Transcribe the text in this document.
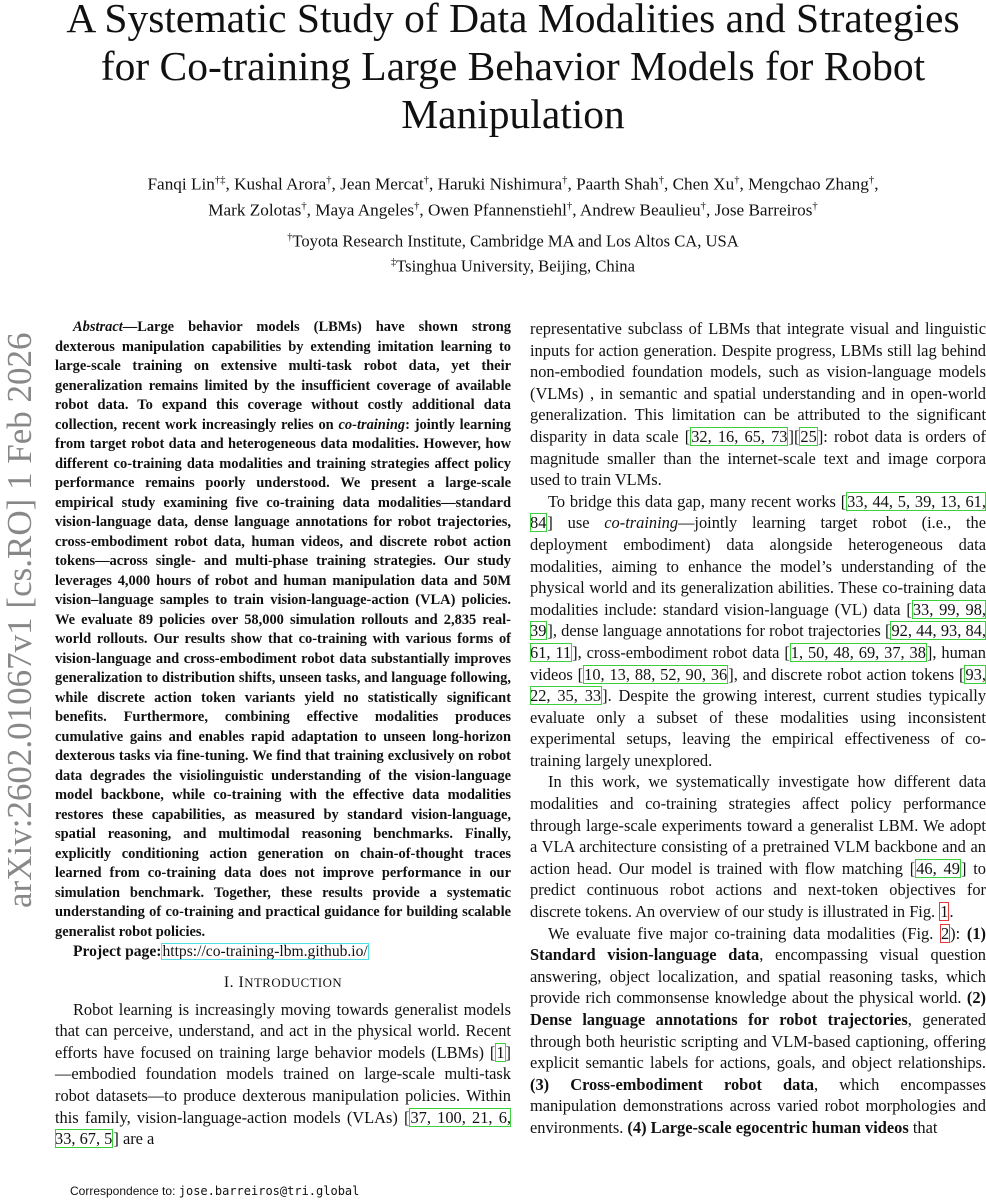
A Systematic Study of Data Modalities and Strategies for Co-training Large Behavior Models for Robot Manipulation
Fanqi Lin†‡, Kushal Arora†, Jean Mercat†, Haruki Nishimura†, Paarth Shah†, Chen Xu†, Mengchao Zhang†,
Mark Zolotas†, Maya Angeles†, Owen Pfannenstiehl†, Andrew Beaulieu†, Jose Barreiros†
†Toyota Research Institute, Cambridge MA and Los Altos CA, USA
‡Tsinghua University, Beijing, China
arXiv:2602.01067v1 [cs.RO] 1 Feb 2026

Abstract—Large behavior models (LBMs) have shown strong dexterous manipulation capabilities by extending imitation learning to large-scale training on extensive multi-task robot data, yet their generalization remains limited by the insufficient coverage of available robot data. To expand this coverage without costly additional data collection, recent work increasingly relies on co-training: jointly learning from target robot data and heterogeneous data modalities. However, how different co-training data modalities and training strategies affect policy performance remains poorly understood. We present a large-scale empirical study examining five co-training data modalities—standard vision-language data, dense language annotations for robot trajectories, cross-embodiment robot data, human videos, and discrete robot action tokens—across single- and multi-phase training strategies. Our study leverages 4,000 hours of robot and human manipulation data and 50M vision–language samples to train vision-language-action (VLA) policies. We evaluate 89 policies over 58,000 simulation rollouts and 2,835 real-world rollouts. Our results show that co-training with various forms of vision-language and cross-embodiment robot data substantially improves generalization to distribution shifts, unseen tasks, and language following, while discrete action token variants yield no statistically significant benefits. Furthermore, combining effective modalities produces cumulative gains and enables rapid adaptation to unseen long-horizon dexterous tasks via fine-tuning. We find that training exclusively on robot data degrades the visiolinguistic understanding of the vision-language model backbone, while co-training with the effective data modalities restores these capabilities, as measured by standard vision-language, spatial reasoning, and multimodal reasoning benchmarks. Finally, explicitly conditioning action generation on chain-of-thought traces learned from co-training data does not improve performance in our simulation benchmark. Together, these results provide a systematic understanding of co-training and practical guidance for building scalable generalist robot policies.

Project page:https://co-training-lbm.github.io/

I. INTRODUCTION

Robot learning is increasingly moving towards generalist models that can perceive, understand, and act in the physical world. Recent efforts have focused on training large behavior models (LBMs) [1]—embodied foundation models trained on large-scale multi-task robot datasets—to produce dexterous manipulation policies. Within this family, vision-language-action models (VLAs) [37, 100, 21, 6, 33, 67, 5] are a

representative subclass of LBMs that integrate visual and linguistic inputs for action generation. Despite progress, LBMs still lag behind non-embodied foundation models, such as vision-language models (VLMs) , in semantic and spatial understanding and in open-world generalization. This limitation can be attributed to the significant disparity in data scale [32, 16, 65, 73][25]: robot data is orders of magnitude smaller than the internet-scale text and image corpora used to train VLMs.

To bridge this data gap, many recent works [33, 44, 5, 39, 13, 61, 84] use co-training—jointly learning target robot (i.e., the deployment embodiment) data alongside heterogeneous data modalities, aiming to enhance the model’s understanding of the physical world and its generalization abilities. These co-training data modalities include: standard vision-language (VL) data [33, 99, 98, 39], dense language annotations for robot trajectories [92, 44, 93, 84, 61, 11], cross-embodiment robot data [1, 50, 48, 69, 37, 38], human videos [10, 13, 88, 52, 90, 36], and discrete robot action tokens [93, 22, 35, 33]. Despite the growing interest, current studies typically evaluate only a subset of these modalities using inconsistent experimental setups, leaving the empirical effectiveness of co-training largely unexplored.

In this work, we systematically investigate how different data modalities and co-training strategies affect policy performance through large-scale experiments toward a generalist LBM. We adopt a VLA architecture consisting of a pretrained VLM backbone and an action head. Our model is trained with flow matching [46, 49] to predict continuous robot actions and next-token objectives for discrete tokens. An overview of our study is illustrated in Fig. 1.

We evaluate five major co-training data modalities (Fig. 2): (1) Standard vision-language data, encompassing visual question answering, object localization, and spatial reasoning tasks, which provide rich commonsense knowledge about the physical world. (2) Dense language annotations for robot trajectories, generated through both heuristic scripting and VLM-based captioning, offering explicit semantic labels for actions, goals, and object relationships. (3) Cross-embodiment robot data, which encompasses manipulation demonstrations across varied robot morphologies and environments. (4) Large-scale egocentric human videos that

Correspondence to: jose.barreiros@tri.global
